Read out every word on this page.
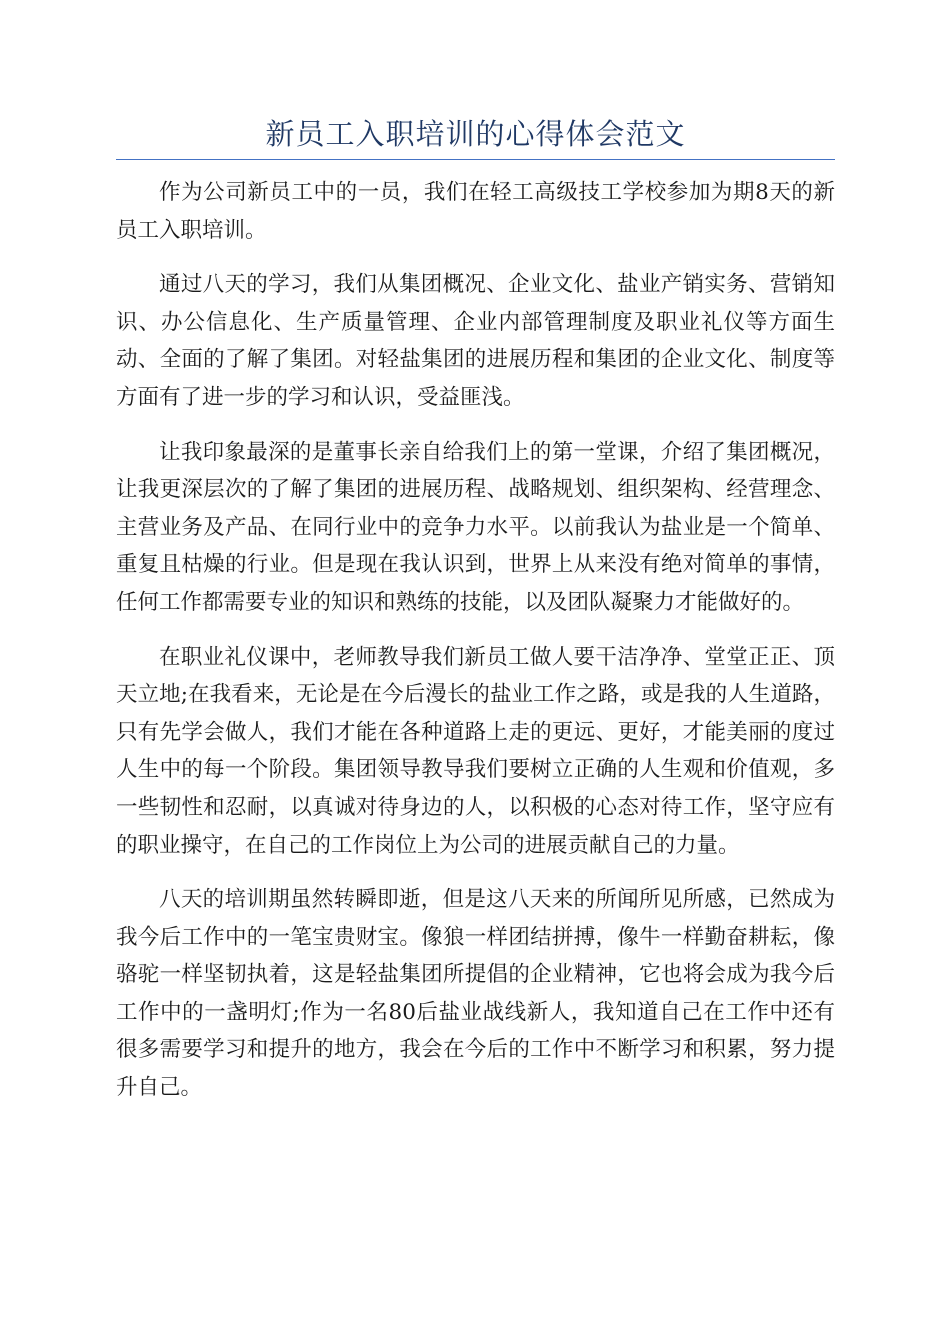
新员工入职培训的心得体会范文

作为公司新员工中的一员，我们在轻工高级技工学校参加为期8天的新员工入职培训。

通过八天的学习，我们从集团概况、企业文化、盐业产销实务、营销知识、办公信息化、生产质量管理、企业内部管理制度及职业礼仪等方面生动、全面的了解了集团。对轻盐集团的进展历程和集团的企业文化、制度等方面有了进一步的学习和认识，受益匪浅。

让我印象最深的是董事长亲自给我们上的第一堂课，介绍了集团概况，让我更深层次的了解了集团的进展历程、战略规划、组织架构、经营理念、主营业务及产品、在同行业中的竞争力水平。以前我认为盐业是一个简单、重复且枯燥的行业。但是现在我认识到，世界上从来没有绝对简单的事情，任何工作都需要专业的知识和熟练的技能，以及团队凝聚力才能做好的。

在职业礼仪课中，老师教导我们新员工做人要干洁净净、堂堂正正、顶天立地;在我看来，无论是在今后漫长的盐业工作之路，或是我的人生道路，只有先学会做人，我们才能在各种道路上走的更远、更好，才能美丽的度过人生中的每一个阶段。集团领导教导我们要树立正确的人生观和价值观，多一些韧性和忍耐，以真诚对待身边的人，以积极的心态对待工作，坚守应有的职业操守，在自己的工作岗位上为公司的进展贡献自己的力量。

八天的培训期虽然转瞬即逝，但是这八天来的所闻所见所感，已然成为我今后工作中的一笔宝贵财宝。像狼一样团结拼搏，像牛一样勤奋耕耘，像骆驼一样坚韧执着，这是轻盐集团所提倡的企业精神，它也将会成为我今后工作中的一盏明灯;作为一名80后盐业战线新人，我知道自己在工作中还有很多需要学习和提升的地方，我会在今后的工作中不断学习和积累，努力提升自己。
